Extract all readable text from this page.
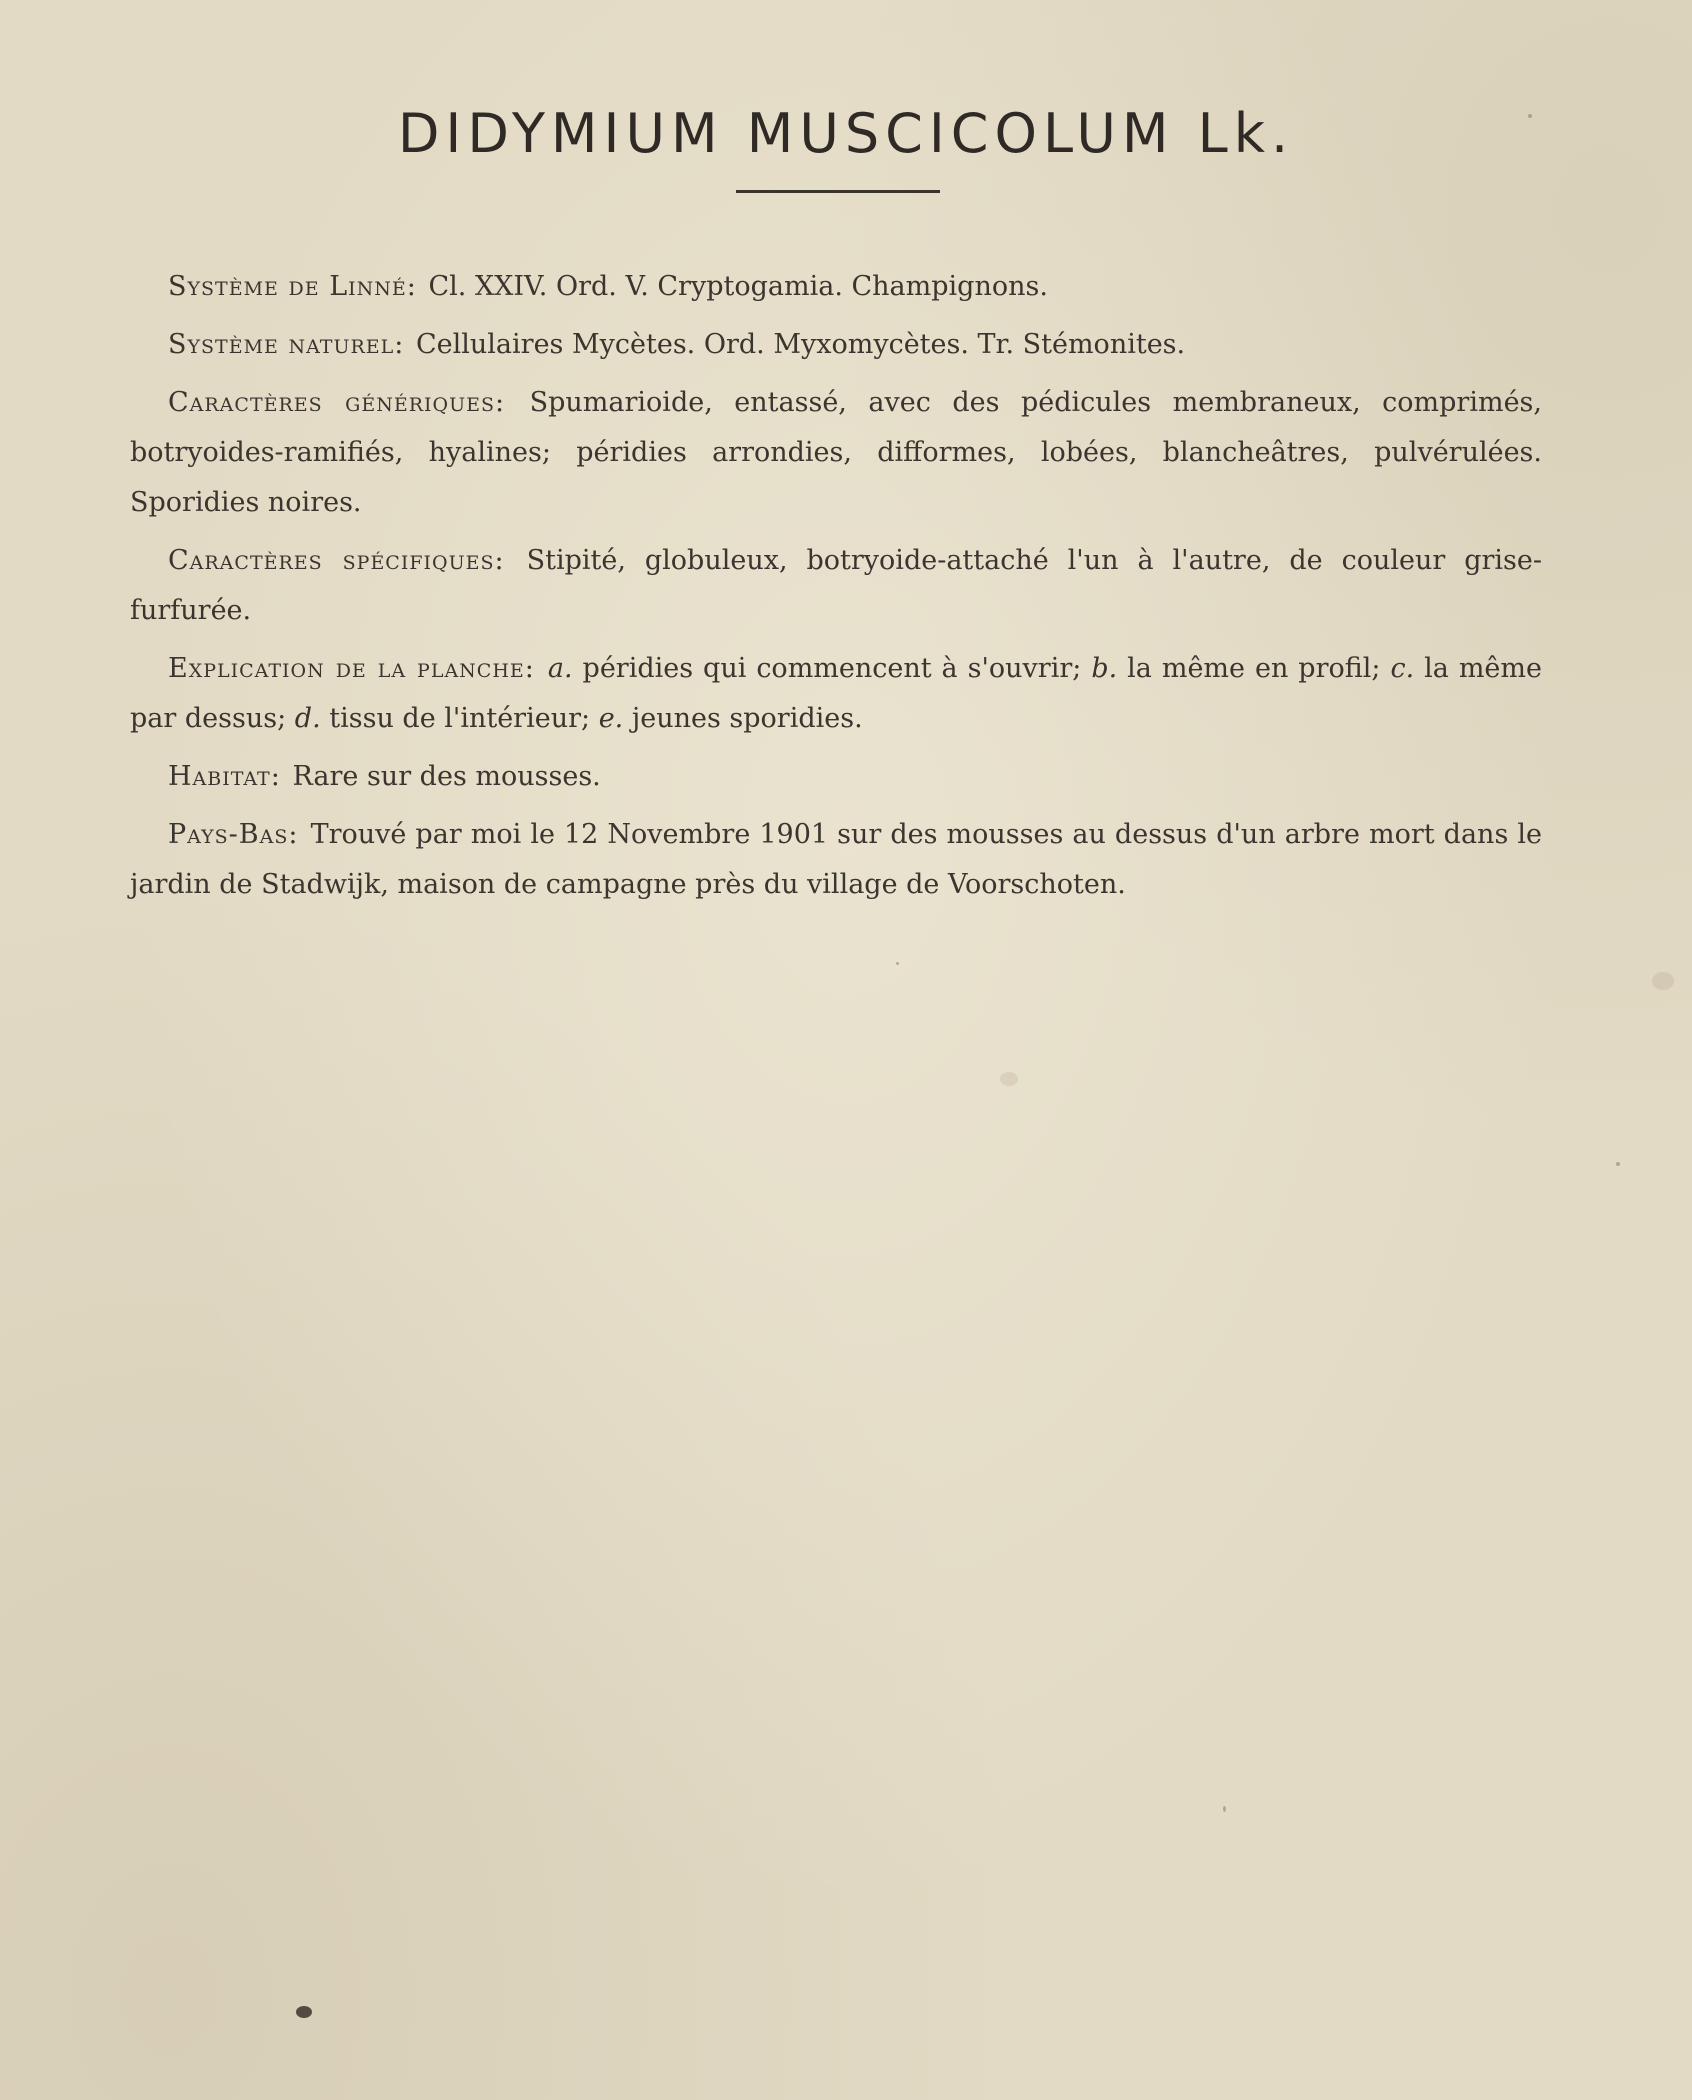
DIDYMIUM MUSCICOLUM Lk.

Système de Linné: Cl. XXIV. Ord. V. Cryptogamia. Champignons.

Système naturel: Cellulaires Mycètes. Ord. Myxomycètes. Tr. Stémonites.

Caractères génériques: Spumarioide, entassé, avec des pédicules membraneux, comprimés, botryoides-ramifiés, hyalines; péridies arrondies, difformes, lobées, blancheâtres, pulvérulées. Sporidies noires.

Caractères spécifiques: Stipité, globuleux, botryoide-attaché l'un à l'autre, de couleur grise-furfurée.

Explication de la planche: a. péridies qui commencent à s'ouvrir; b. la même en profil; c. la même par dessus; d. tissu de l'intérieur; e. jeunes sporidies.

Habitat: Rare sur des mousses.

Pays-Bas: Trouvé par moi le 12 Novembre 1901 sur des mousses au dessus d'un arbre mort dans le jardin de Stadwijk, maison de campagne près du village de Voorschoten.
